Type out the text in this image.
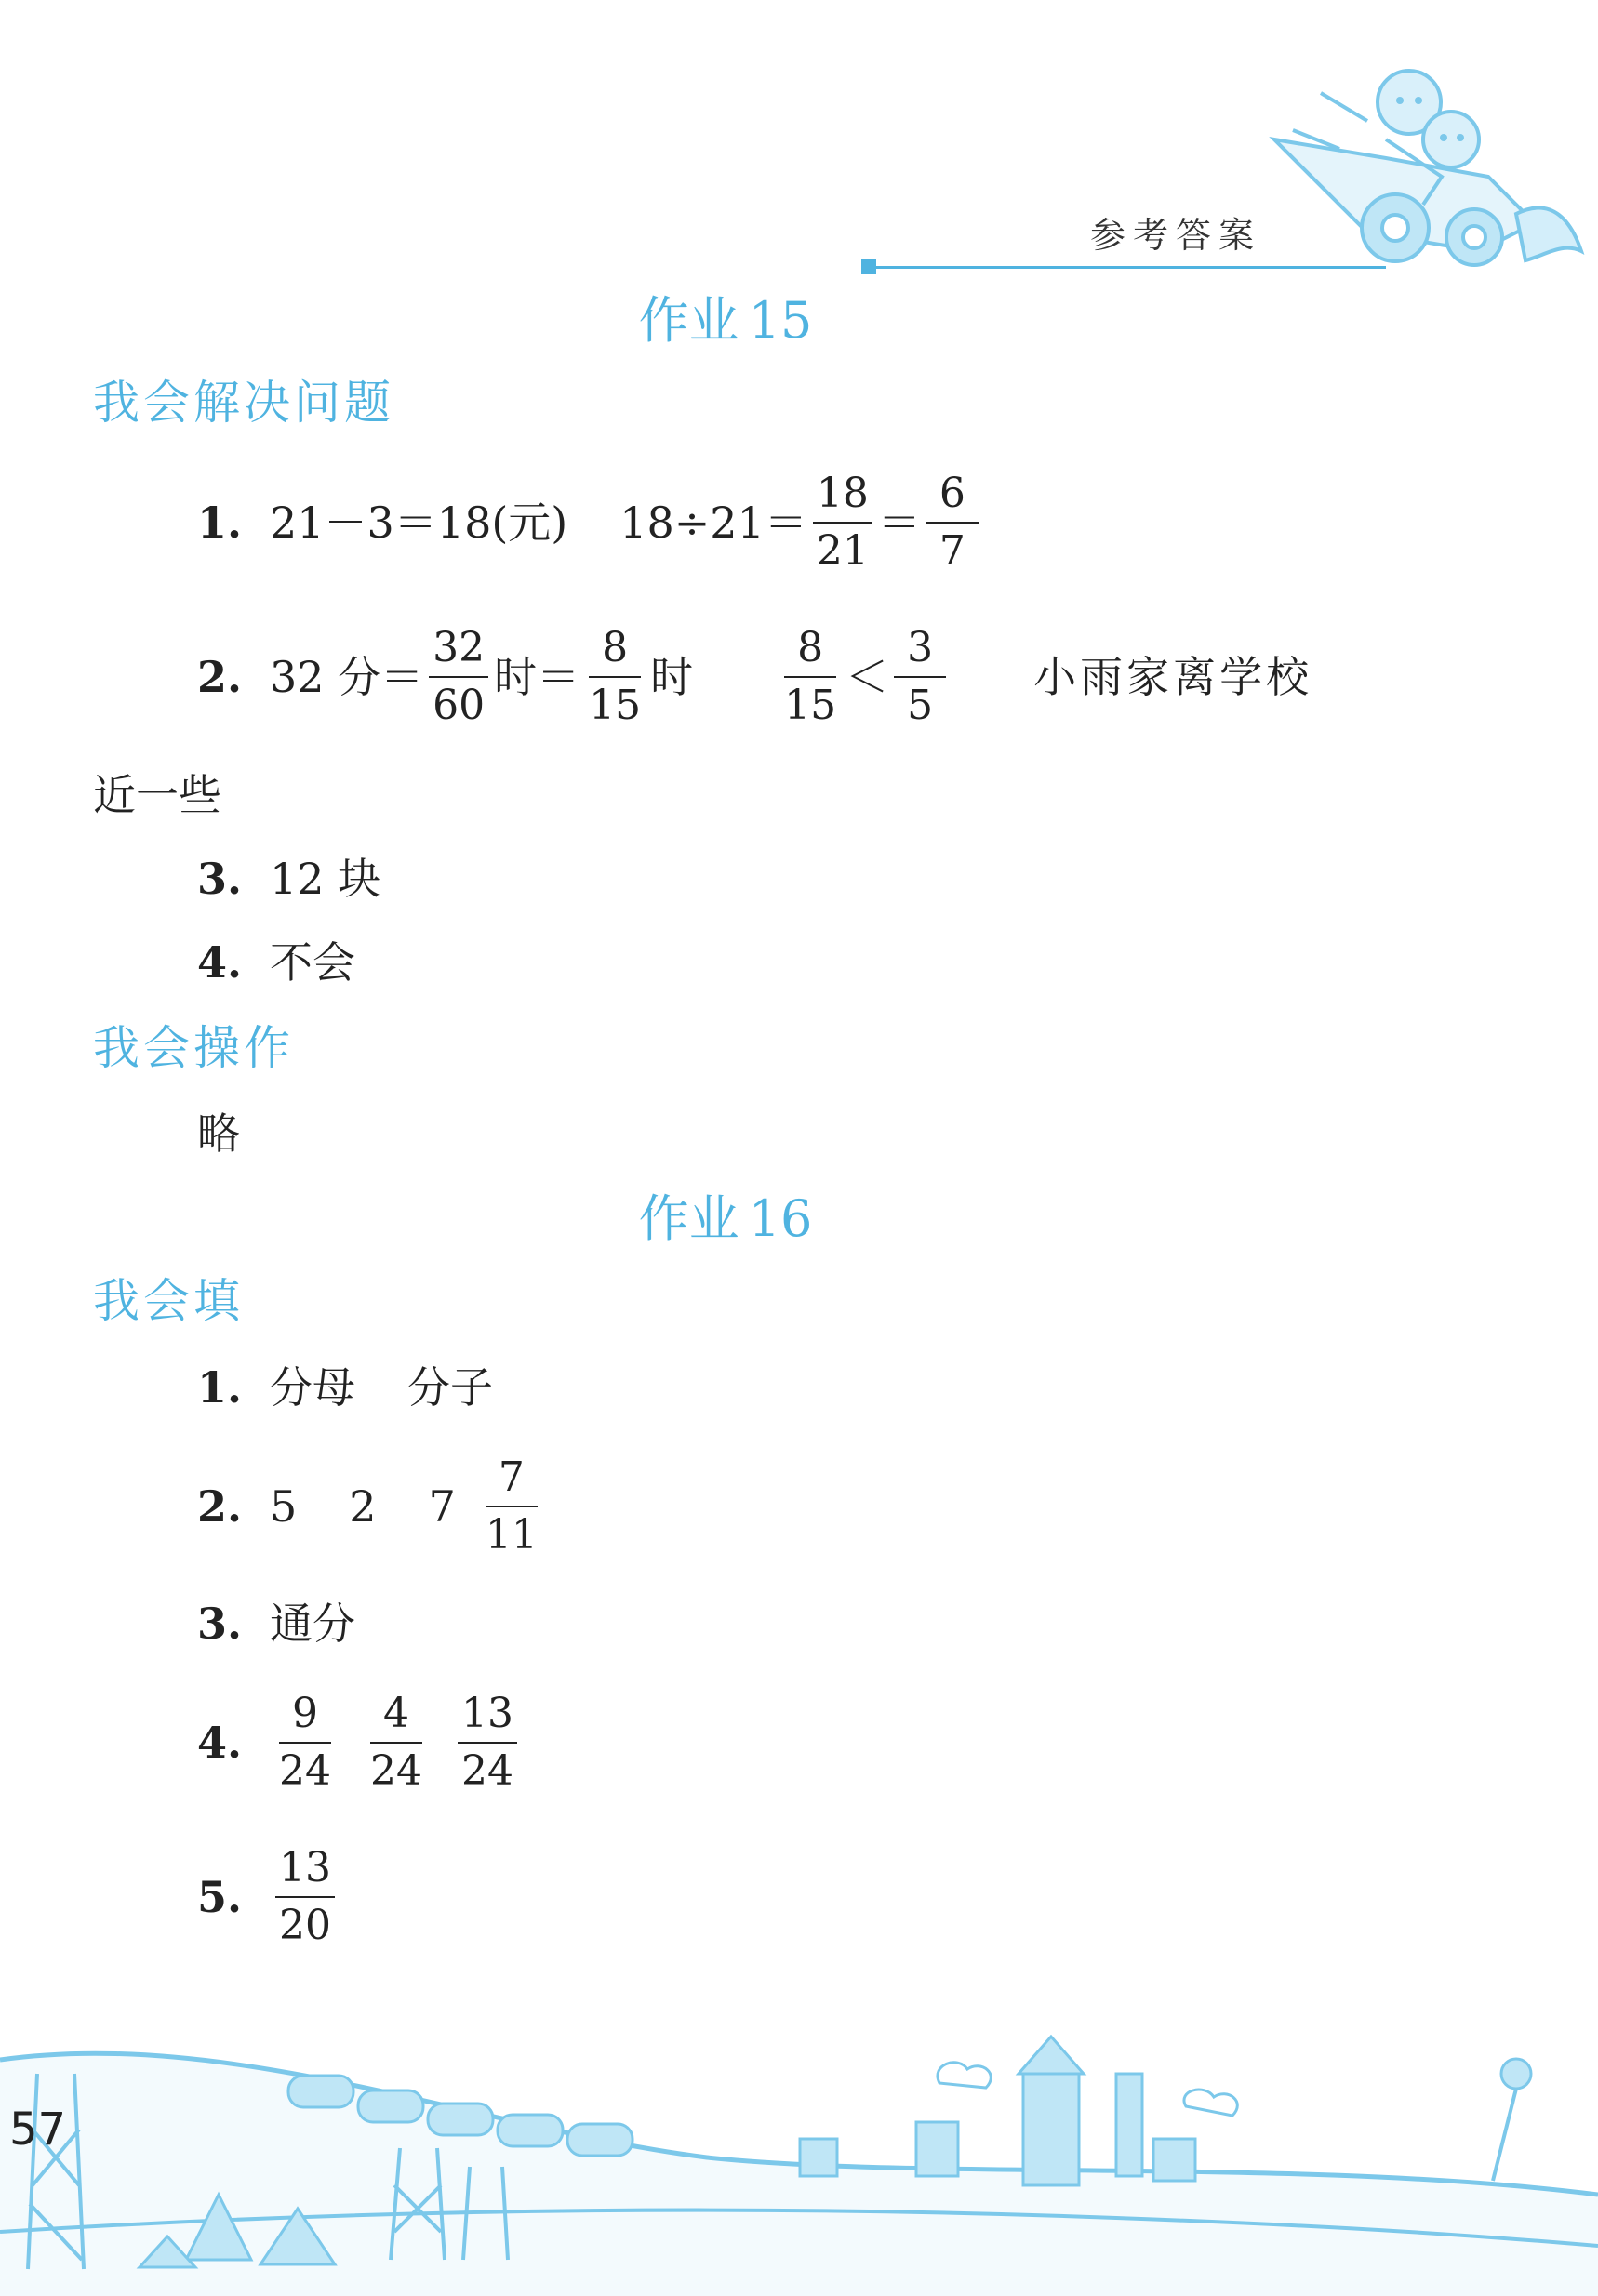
参考答案
作业 15
我会解决问题
1. 21－3＝18(元) $18\div 21= \frac{18}{21} = \frac{6}{7}$
2. 32 分＝ $\frac{32}{60}$ 时＝ $\frac{8}{15}$ 时 $\frac{8}{15} < \frac{3}{5}$ 小雨家离学校
近一些
3. 12 块
4. 不会
我会操作
略
作业 16
我会填
1. 分母 分子
2. 5 2 $7 \frac{7}{11}$
3. 通分
4. $\frac{9}{24} \frac{4}{24} \frac{13}{24}$
5. $\frac{13}{20}$
57
